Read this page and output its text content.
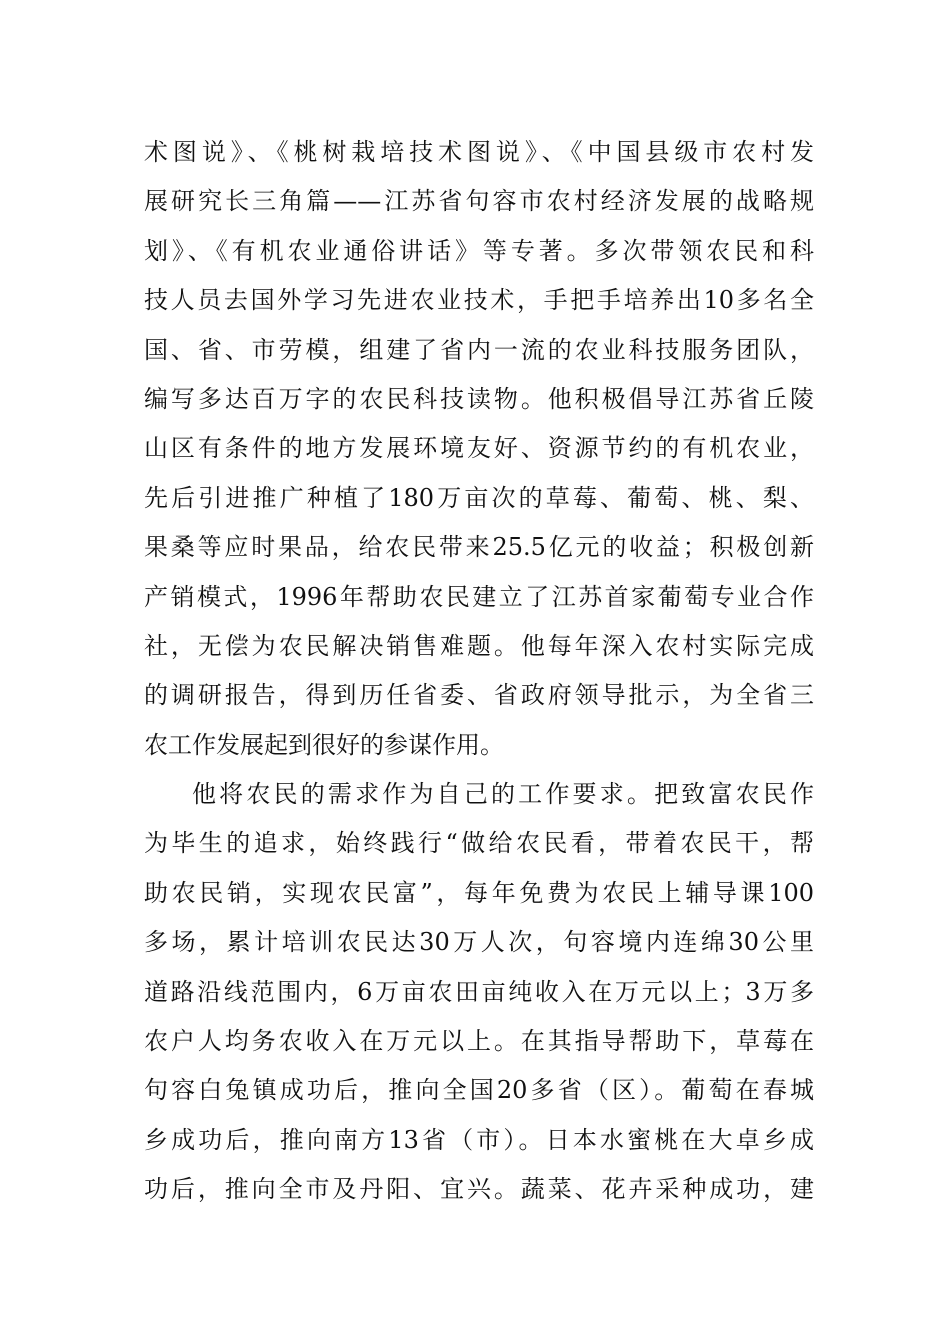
术图说》、《桃树栽培技术图说》、《中国县级市农村发
展研究长三角篇——江苏省句容市农村经济发展的战略规
划》、《有机农业通俗讲话》等专著。多次带领农民和科
技人员去国外学习先进农业技术，手把手培养出10多名全
国、省、市劳模，组建了省内一流的农业科技服务团队，
编写多达百万字的农民科技读物。他积极倡导江苏省丘陵
山区有条件的地方发展环境友好、资源节约的有机农业，
先后引进推广种植了180万亩次的草莓、葡萄、桃、梨、
果桑等应时果品，给农民带来25.5亿元的收益；积极创新
产销模式，1996年帮助农民建立了江苏首家葡萄专业合作
社，无偿为农民解决销售难题。他每年深入农村实际完成
的调研报告，得到历任省委、省政府领导批示，为全省三
农工作发展起到很好的参谋作用。
他将农民的需求作为自己的工作要求。把致富农民作
为毕生的追求，始终践行“做给农民看，带着农民干，帮
助农民销，实现农民富”，每年免费为农民上辅导课100
多场，累计培训农民达30万人次，句容境内连绵30公里
道路沿线范围内，6万亩农田亩纯收入在万元以上；3万多
农户人均务农收入在万元以上。在其指导帮助下，草莓在
句容白兔镇成功后，推向全国20多省（区）。葡萄在春城
乡成功后，推向南方13省（市）。日本水蜜桃在大卓乡成
功后，推向全市及丹阳、宜兴。蔬菜、花卉采种成功，建
